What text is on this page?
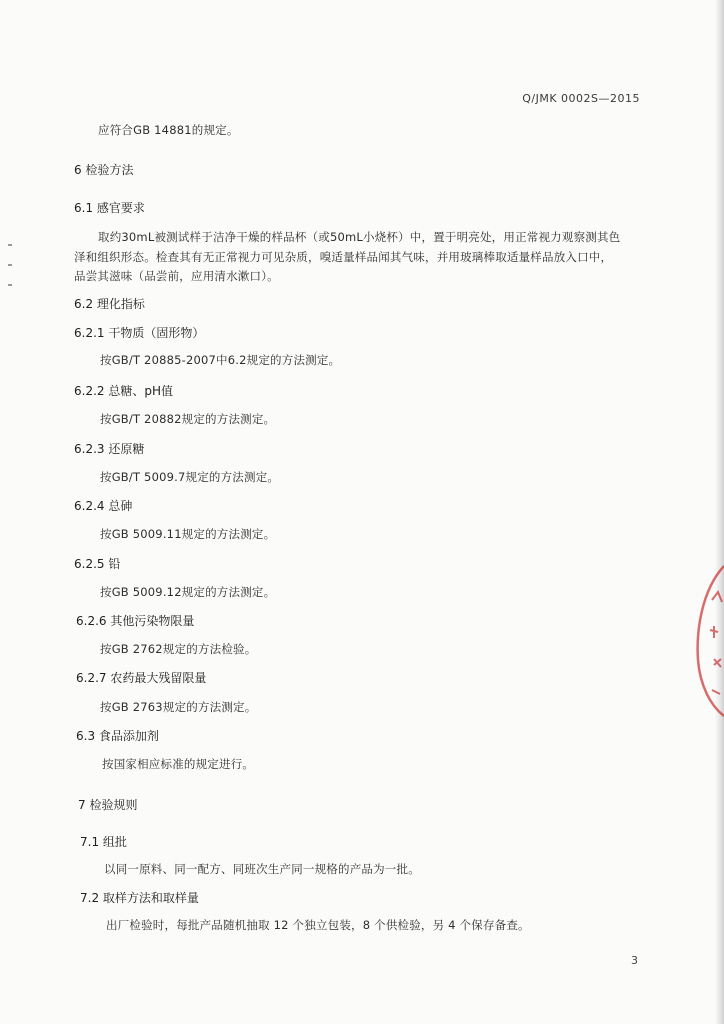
Q/JMK 0002S—2015
应符合GB 14881的规定。
6 检验方法
6.1 感官要求
取约30mL被测试样于洁净干燥的样品杯（或50mL小烧杯）中，置于明亮处，用正常视力观察测其色
泽和组织形态。检查其有无正常视力可见杂质，嗅适量样品闻其气味，并用玻璃棒取适量样品放入口中，
品尝其滋味（品尝前，应用清水漱口）。
6.2 理化指标
6.2.1 干物质（固形物）
按GB/T 20885-2007中6.2规定的方法测定。
6.2.2 总糖、pH值
按GB/T 20882规定的方法测定。
6.2.3 还原糖
按GB/T 5009.7规定的方法测定。
6.2.4 总砷
按GB 5009.11规定的方法测定。
6.2.5 铅
按GB 5009.12规定的方法测定。
6.2.6 其他污染物限量
按GB 2762规定的方法检验。
6.2.7 农药最大残留限量
按GB 2763规定的方法测定。
6.3 食品添加剂
按国家相应标准的规定进行。
7 检验规则
7.1 组批
以同一原料、同一配方、同班次生产同一规格的产品为一批。
7.2 取样方法和取样量
出厂检验时，每批产品随机抽取 12 个独立包装，8 个供检验，另 4 个保存备查。
3
